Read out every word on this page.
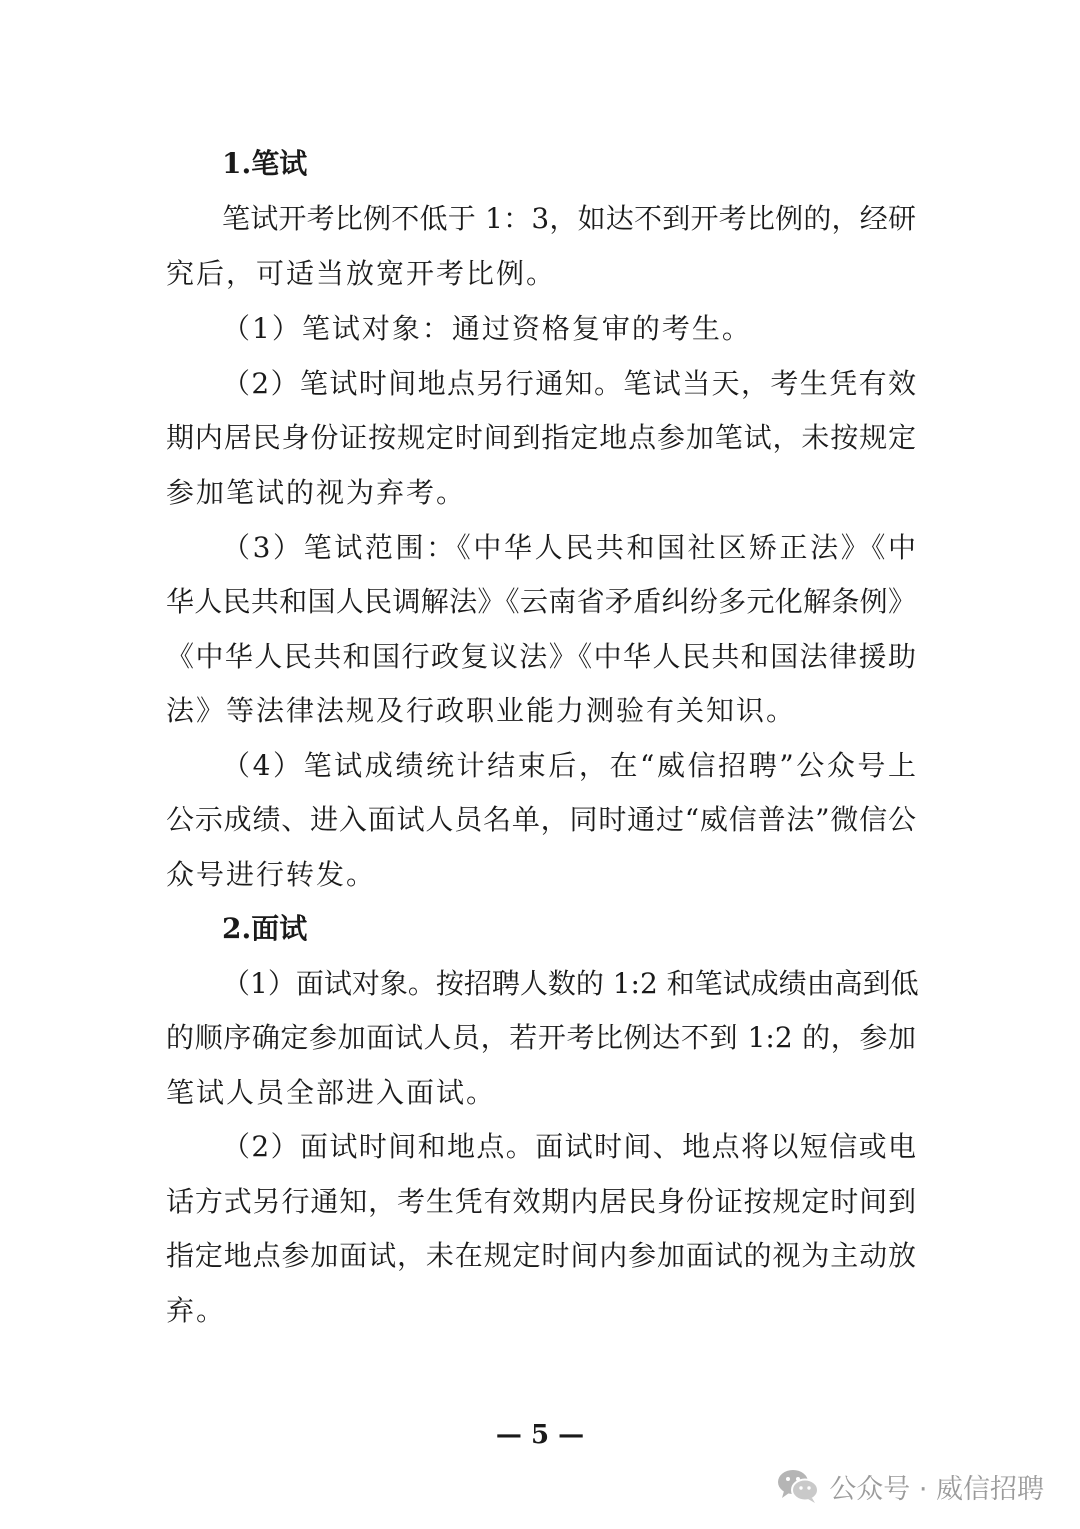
1.笔试
笔试开考比例不低于 1：3，如达不到开考比例的，经研
究后，可适当放宽开考比例。
（1）笔试对象：通过资格复审的考生。
（2）笔试时间地点另行通知。笔试当天，考生凭有效
期内居民身份证按规定时间到指定地点参加笔试，未按规定
参加笔试的视为弃考。
（3）笔试范围：《中华人民共和国社区矫正法》《中
华人民共和国人民调解法》《云南省矛盾纠纷多元化解条例》
《中华人民共和国行政复议法》《中华人民共和国法律援助
法》等法律法规及行政职业能力测验有关知识。
（4）笔试成绩统计结束后，在“威信招聘”公众号上
公示成绩、进入面试人员名单，同时通过“威信普法”微信公
众号进行转发。
2.面试
（1）面试对象。按招聘人数的 1:2 和笔试成绩由高到低
的顺序确定参加面试人员，若开考比例达不到 1:2 的，参加
笔试人员全部进入面试。
（2）面试时间和地点。面试时间、地点将以短信或电
话方式另行通知，考生凭有效期内居民身份证按规定时间到
指定地点参加面试，未在规定时间内参加面试的视为主动放
弃。
— 5 —
公众号 · 威信招聘
